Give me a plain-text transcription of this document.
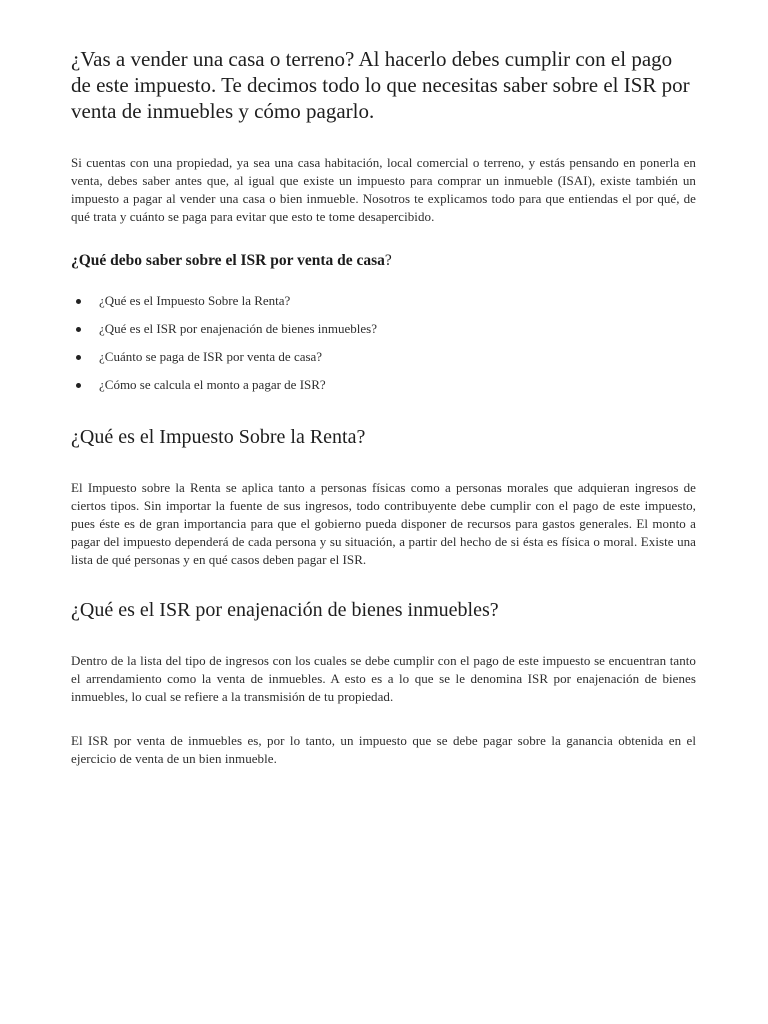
¿Vas a vender una casa o terreno? Al hacerlo debes cumplir con el pago de este impuesto. Te decimos todo lo que necesitas saber sobre el ISR por venta de inmuebles y cómo pagarlo.

Si cuentas con una propiedad, ya sea una casa habitación, local comercial o terreno, y estás pensando en ponerla en venta, debes saber antes que, al igual que existe un impuesto para comprar un inmueble (ISAI), existe también un impuesto a pagar al vender una casa o bien inmueble. Nosotros te explicamos todo para que entiendas el por qué, de qué trata y cuánto se paga para evitar que esto te tome desapercibido.

¿Qué debo saber sobre el ISR por venta de casa?
¿Qué es el Impuesto Sobre la Renta?
¿Qué es el ISR por enajenación de bienes inmuebles?
¿Cuánto se paga de ISR por venta de casa?
¿Cómo se calcula el monto a pagar de ISR?
¿Qué es el Impuesto Sobre la Renta?

El Impuesto sobre la Renta se aplica tanto a personas físicas como a personas morales que adquieran ingresos de ciertos tipos. Sin importar la fuente de sus ingresos, todo contribuyente debe cumplir con el pago de este impuesto, pues éste es de gran importancia para que el gobierno pueda disponer de recursos para gastos generales. El monto a pagar del impuesto dependerá de cada persona y su situación, a partir del hecho de si ésta es física o moral. Existe una lista de qué personas y en qué casos deben pagar el ISR.

¿Qué es el ISR por enajenación de bienes inmuebles?

Dentro de la lista del tipo de ingresos con los cuales se debe cumplir con el pago de este impuesto se encuentran tanto el arrendamiento como la venta de inmuebles. A esto es a lo que se le denomina ISR por enajenación de bienes inmuebles, lo cual se refiere a la transmisión de tu propiedad.

El ISR por venta de inmuebles es, por lo tanto, un impuesto que se debe pagar sobre la ganancia obtenida en el ejercicio de venta de un bien inmueble.
